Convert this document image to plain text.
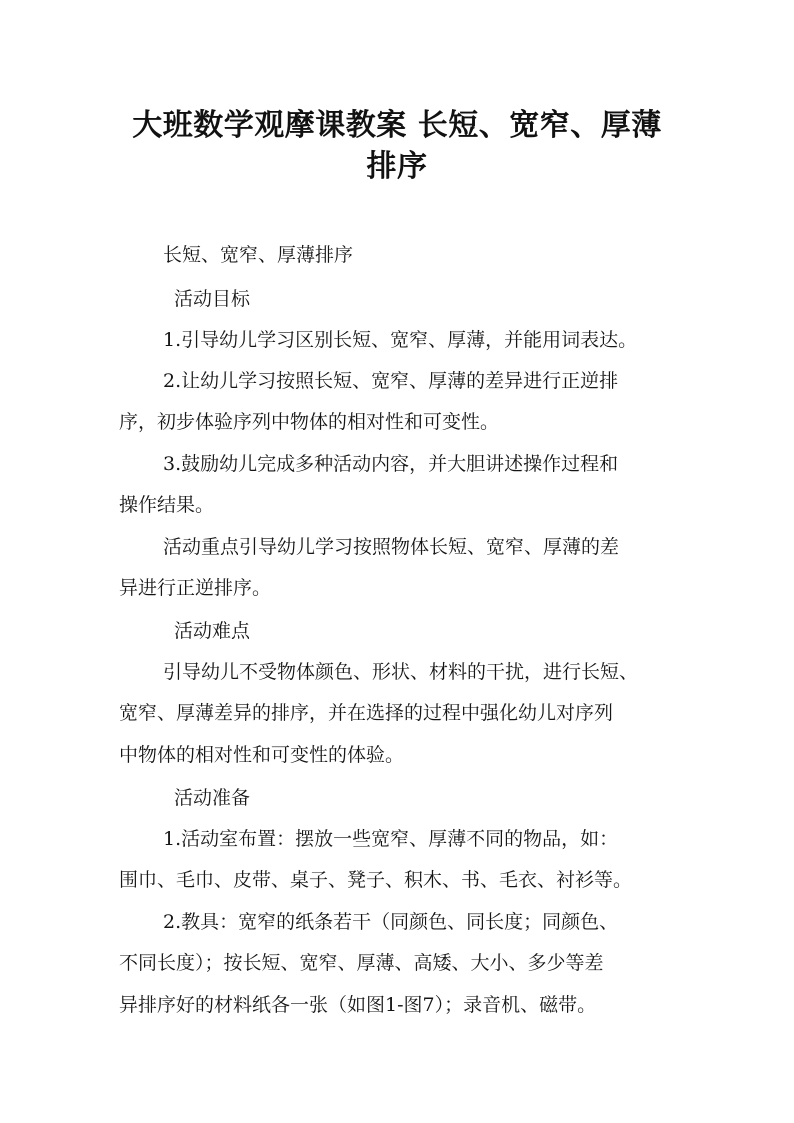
大班数学观摩课教案 长短、宽窄、厚薄
排序
长短、宽窄、厚薄排序
活动目标
1.引导幼儿学习区别长短、宽窄、厚薄，并能用词表达。
2.让幼儿学习按照长短、宽窄、厚薄的差异进行正逆排
序，初步体验序列中物体的相对性和可变性。
3.鼓励幼儿完成多种活动内容，并大胆讲述操作过程和
操作结果。
活动重点引导幼儿学习按照物体长短、宽窄、厚薄的差
异进行正逆排序。
活动难点
引导幼儿不受物体颜色、形状、材料的干扰，进行长短、
宽窄、厚薄差异的排序，并在选择的过程中强化幼儿对序列
中物体的相对性和可变性的体验。
活动准备
1.活动室布置：摆放一些宽窄、厚薄不同的物品，如：
围巾、毛巾、皮带、桌子、凳子、积木、书、毛衣、衬衫等。
2.教具：宽窄的纸条若干（同颜色、同长度；同颜色、
不同长度）；按长短、宽窄、厚薄、高矮、大小、多少等差
异排序好的材料纸各一张（如图1-图7）；录音机、磁带。
